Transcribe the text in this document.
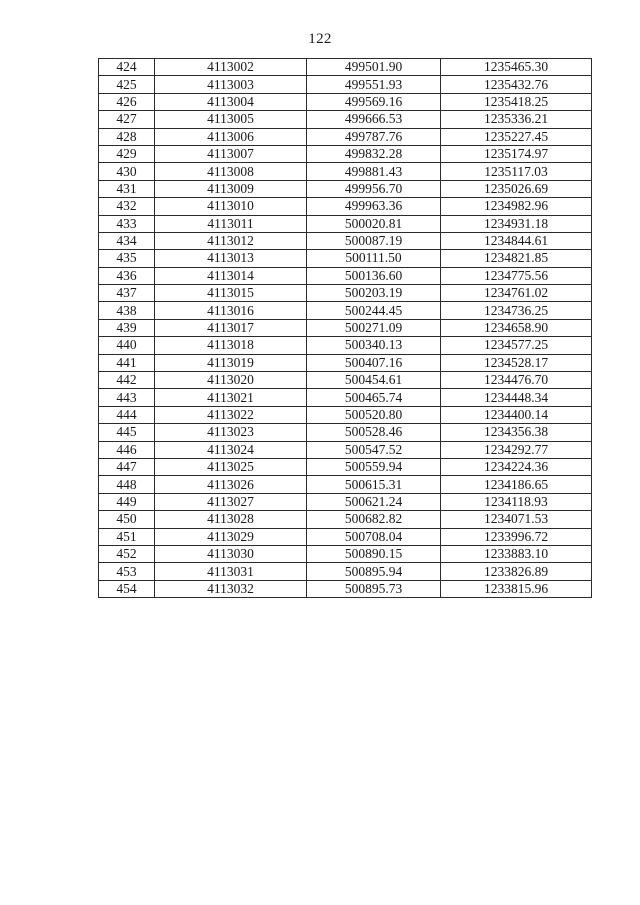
122
424	4113002	499501.90	1235465.30
425	4113003	499551.93	1235432.76
426	4113004	499569.16	1235418.25
427	4113005	499666.53	1235336.21
428	4113006	499787.76	1235227.45
429	4113007	499832.28	1235174.97
430	4113008	499881.43	1235117.03
431	4113009	499956.70	1235026.69
432	4113010	499963.36	1234982.96
433	4113011	500020.81	1234931.18
434	4113012	500087.19	1234844.61
435	4113013	500111.50	1234821.85
436	4113014	500136.60	1234775.56
437	4113015	500203.19	1234761.02
438	4113016	500244.45	1234736.25
439	4113017	500271.09	1234658.90
440	4113018	500340.13	1234577.25
441	4113019	500407.16	1234528.17
442	4113020	500454.61	1234476.70
443	4113021	500465.74	1234448.34
444	4113022	500520.80	1234400.14
445	4113023	500528.46	1234356.38
446	4113024	500547.52	1234292.77
447	4113025	500559.94	1234224.36
448	4113026	500615.31	1234186.65
449	4113027	500621.24	1234118.93
450	4113028	500682.82	1234071.53
451	4113029	500708.04	1233996.72
452	4113030	500890.15	1233883.10
453	4113031	500895.94	1233826.89
454	4113032	500895.73	1233815.96
